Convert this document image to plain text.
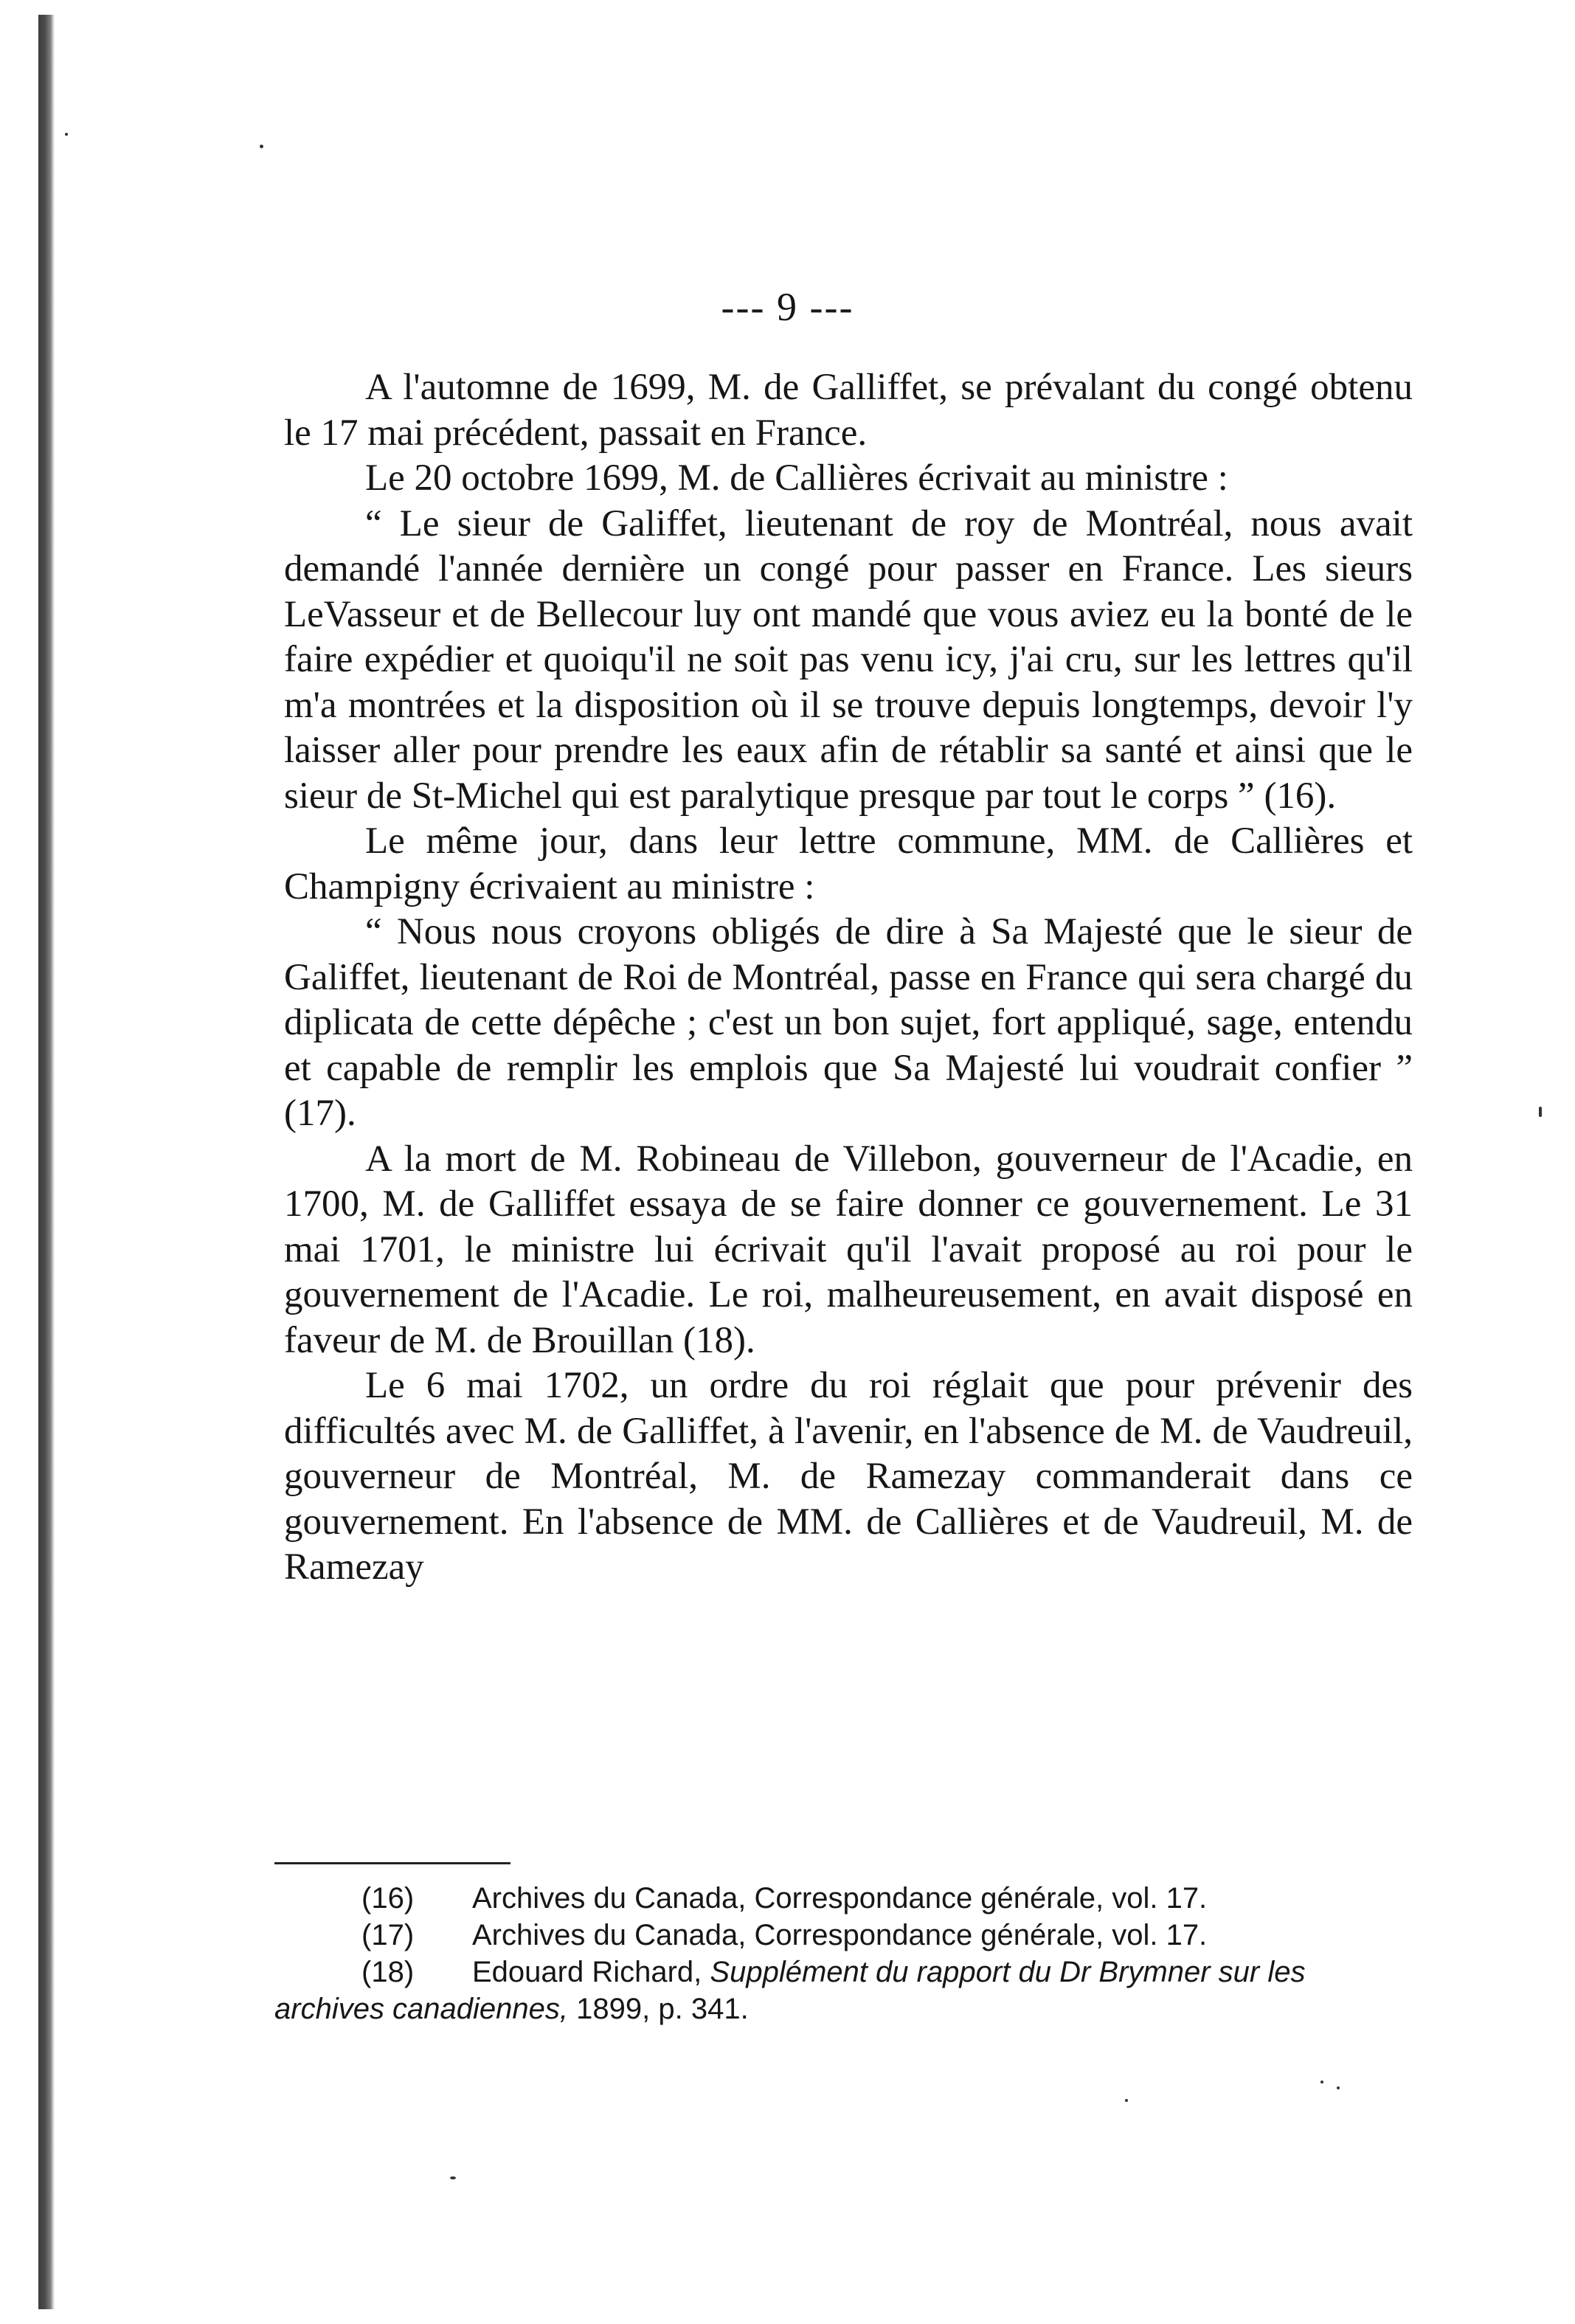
--- 9 ---

A l'automne de 1699, M. de Galliffet, se prévalant du congé obtenu le 17 mai précédent, passait en France.

Le 20 octobre 1699, M. de Callières écrivait au ministre :

“ Le sieur de Galiffet, lieutenant de roy de Montréal, nous avait demandé l'année dernière un congé pour passer en France. Les sieurs LeVasseur et de Bellecour luy ont mandé que vous aviez eu la bonté de le faire expédier et quoiqu'il ne soit pas venu icy, j'ai cru, sur les lettres qu'il m'a montrées et la disposition où il se trouve depuis longtemps, devoir l'y laisser aller pour prendre les eaux afin de rétablir sa santé et ainsi que le sieur de St-Michel qui est paralytique presque par tout le corps ” (16).

Le même jour, dans leur lettre commune, MM. de Callières et Champigny écrivaient au ministre :

“ Nous nous croyons obligés de dire à Sa Majesté que le sieur de Galiffet, lieutenant de Roi de Montréal, passe en France qui sera chargé du diplicata de cette dépêche ; c'est un bon sujet, fort appliqué, sage, entendu et capable de remplir les emplois que Sa Majesté lui voudrait confier ” (17).

A la mort de M. Robineau de Villebon, gouverneur de l'Acadie, en 1700, M. de Galliffet essaya de se faire donner ce gouvernement. Le 31 mai 1701, le ministre lui écrivait qu'il l'avait proposé au roi pour le gouvernement de l'Acadie. Le roi, malheureusement, en avait disposé en faveur de M. de Brouillan (18).

Le 6 mai 1702, un ordre du roi réglait que pour prévenir des difficultés avec M. de Galliffet, à l'avenir, en l'absence de M. de Vaudreuil, gouverneur de Montréal, M. de Ramezay commanderait dans ce gouvernement. En l'absence de MM. de Callières et de Vaudreuil, M. de Ramezay

(16) Archives du Canada, Correspondance générale, vol. 17.

(17) Archives du Canada, Correspondance générale, vol. 17.

(18) Edouard Richard, Supplément du rapport du Dr Brymner sur les archives canadiennes, 1899, p. 341.
